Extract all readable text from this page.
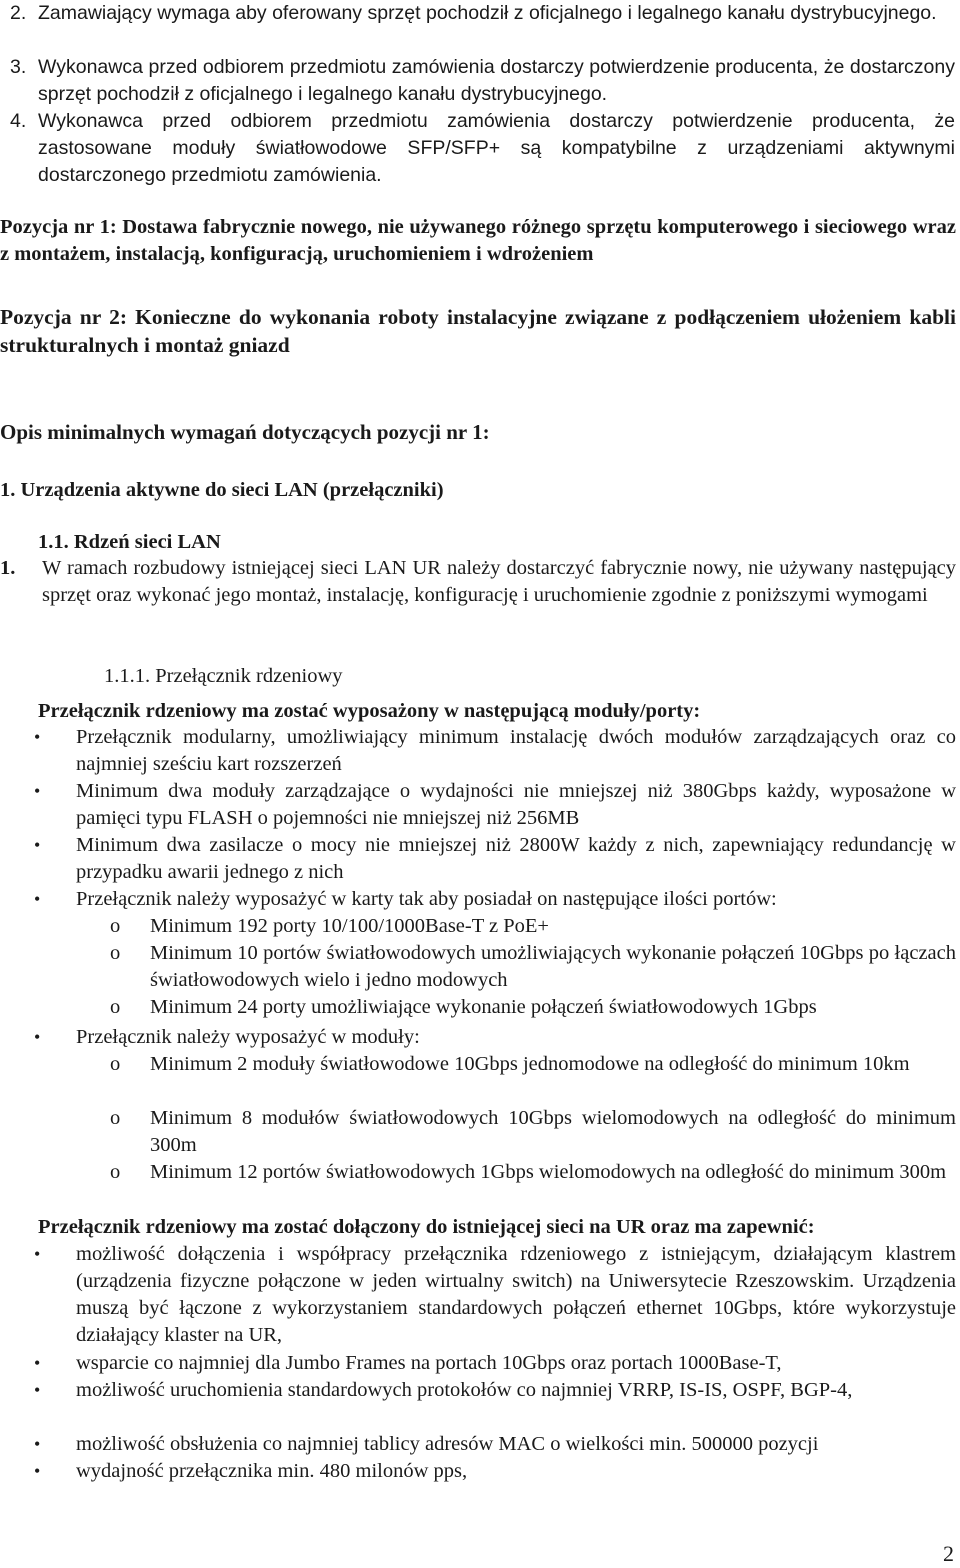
2. Zamawiający wymaga aby oferowany sprzęt pochodził z oficjalnego i legalnego kanału dystrybucyjnego.
3. Wykonawca przed odbiorem przedmiotu zamówienia dostarczy potwierdzenie producenta, że dostarczony sprzęt pochodził z oficjalnego i legalnego kanału dystrybucyjnego.
4. Wykonawca przed odbiorem przedmiotu zamówienia dostarczy potwierdzenie producenta, że zastosowane moduły światłowodowe SFP/SFP+ są kompatybilne z urządzeniami aktywnymi dostarczonego przedmiotu zamówienia.
Pozycja nr 1: Dostawa fabrycznie nowego, nie używanego różnego sprzętu komputerowego i sieciowego wraz z montażem, instalacją, konfiguracją, uruchomieniem i wdrożeniem
Pozycja nr 2: Konieczne do wykonania roboty instalacyjne związane z podłączeniem ułożeniem kabli strukturalnych i montaż gniazd
Opis minimalnych wymagań dotyczących pozycji nr 1:
1. Urządzenia aktywne do sieci LAN (przełączniki)
1.1. Rdzeń sieci LAN
1. W ramach rozbudowy istniejącej sieci LAN UR należy dostarczyć fabrycznie nowy, nie używany następujący sprzęt oraz wykonać jego montaż, instalację, konfigurację i uruchomienie zgodnie z poniższymi wymogami
1.1.1. Przełącznik rdzeniowy
Przełącznik rdzeniowy ma zostać wyposażony w następującą moduły/porty:
• Przełącznik modularny, umożliwiający minimum instalację dwóch modułów zarządzających oraz co najmniej sześciu kart rozszerzeń
• Minimum dwa moduły zarządzające o wydajności nie mniejszej niż 380Gbps każdy, wyposażone w pamięci typu FLASH o pojemności nie mniejszej niż 256MB
• Minimum dwa zasilacze o mocy nie mniejszej niż 2800W każdy z nich, zapewniający redundancję w przypadku awarii jednego z nich
• Przełącznik należy wyposażyć w karty tak aby posiadał on następujące ilości portów:
o Minimum 192 porty 10/100/1000Base-T z PoE+
o Minimum 10 portów światłowodowych umożliwiających wykonanie połączeń 10Gbps po łączach światłowodowych wielo i jedno modowych
o Minimum 24 porty umożliwiające wykonanie połączeń światłowodowych 1Gbps
• Przełącznik należy wyposażyć w moduły:
o Minimum 2 moduły światłowodowe 10Gbps jednomodowe na odległość do minimum 10km
o Minimum 8 modułów światłowodowych 10Gbps wielomodowych na odległość do minimum 300m
o Minimum 12 portów światłowodowych 1Gbps wielomodowych na odległość do minimum 300m
Przełącznik rdzeniowy ma zostać dołączony do istniejącej sieci na UR oraz ma zapewnić:
• możliwość dołączenia i współpracy przełącznika rdzeniowego z istniejącym, działającym klastrem (urządzenia fizyczne połączone w jeden wirtualny switch) na Uniwersytecie Rzeszowskim. Urządzenia muszą być łączone z wykorzystaniem standardowych połączeń ethernet 10Gbps, które wykorzystuje działający klaster na UR,
• wsparcie co najmniej dla Jumbo Frames na portach 10Gbps oraz portach 1000Base-T,
• możliwość uruchomienia standardowych protokołów co najmniej VRRP, IS-IS, OSPF, BGP-4,
• możliwość obsłużenia co najmniej tablicy adresów MAC o wielkości min. 500000 pozycji
• wydajność przełącznika min. 480 milonów pps,
2
